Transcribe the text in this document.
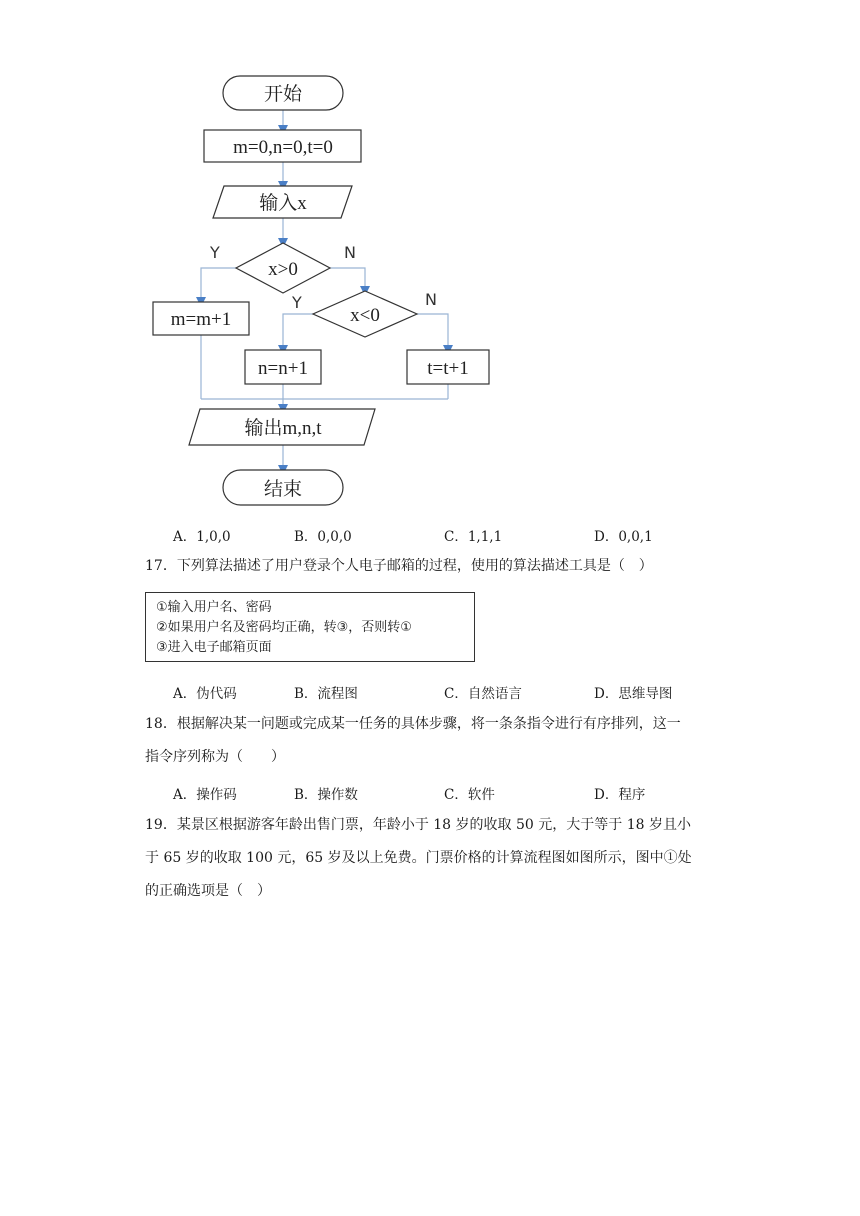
开始
m=0,n=0,t=0
输入x
x>0
Y	N
m=m+1	x<0
Y	N
n=n+1	t=t+1
输出m,n,t
结束
A．1,0,0	B．0,0,0	C．1,1,1	D．0,0,1
17．下列算法描述了用户登录个人电子邮箱的过程，使用的算法描述工具是（　）
①输入用户名、密码
②如果用户名及密码均正确，转③，否则转①
③进入电子邮箱页面
A．伪代码	B．流程图	C．自然语言	D．思维导图
18．根据解决某一问题或完成某一任务的具体步骤，将一条条指令进行有序排列，这一
指令序列称为（　　）
A．操作码	B．操作数	C．软件	D．程序
19．某景区根据游客年龄出售门票，年龄小于 18 岁的收取 50 元，大于等于 18 岁且小
于 65 岁的收取 100 元，65 岁及以上免费。门票价格的计算流程图如图所示，图中①处
的正确选项是（　）
